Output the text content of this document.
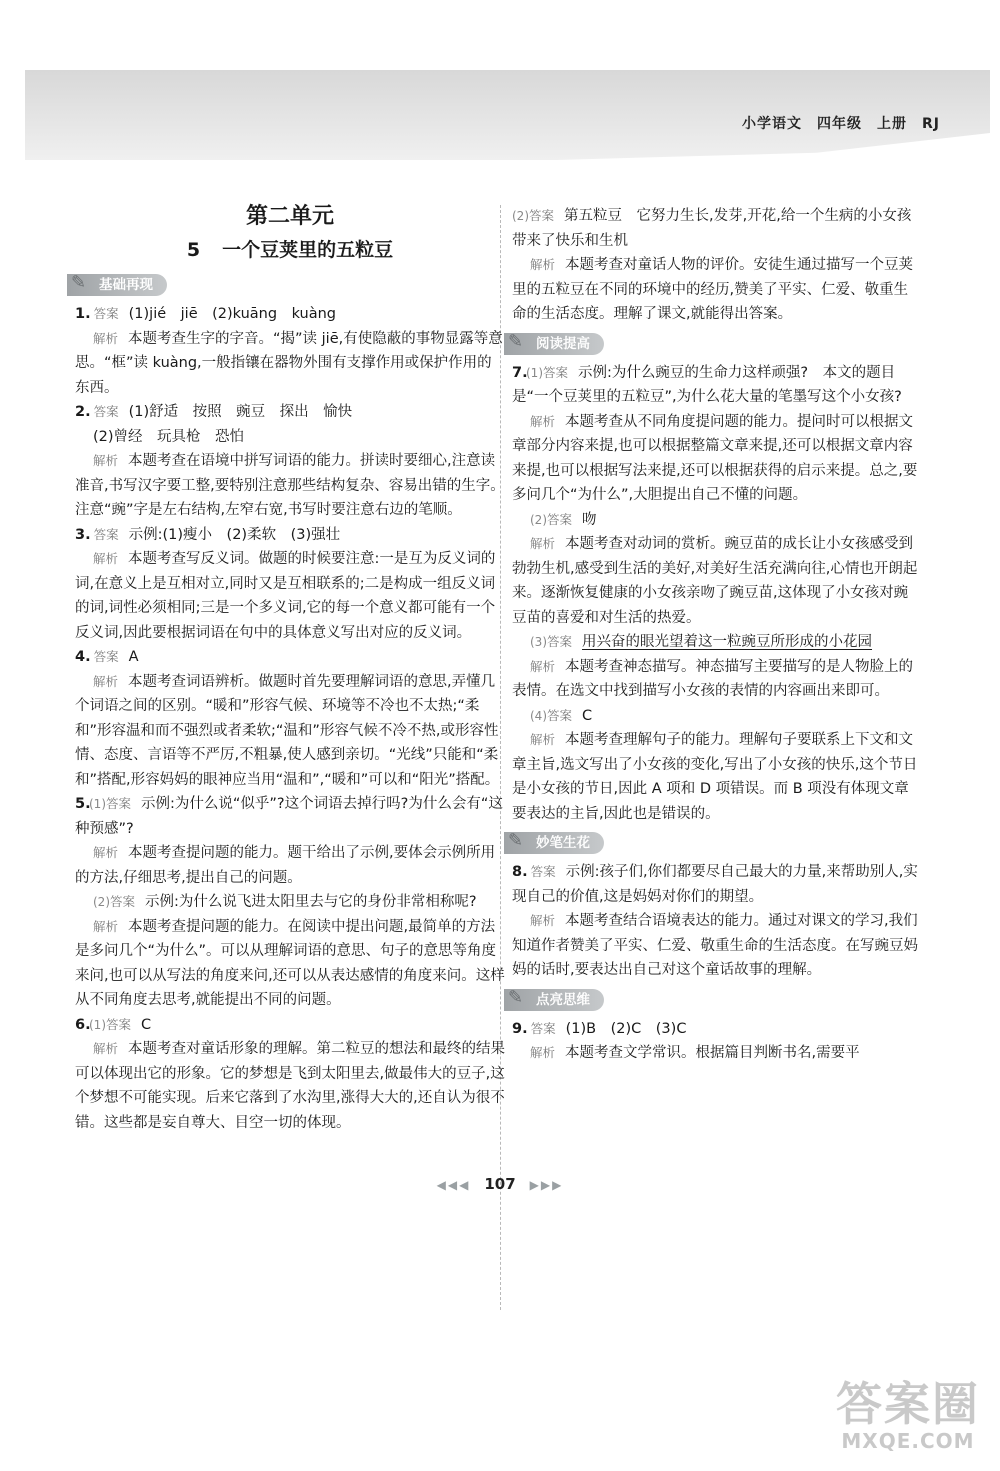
小学语文　四年级　上册　RJ

第二单元

5 一个豆荚里的五粒豆

✎ 基础再现

1. 答案 (1)jié　jiē　(2)kuāng　kuàng

解析 本题考查生字的字音。“揭”读 jiē,有使隐蔽的事物显露等意思。“框”读 kuàng,一般指镶在器物外围有支撑作用或保护作用的东西。

2. 答案 (1)舒适　按照　豌豆　探出　愉快

(2)曾经　玩具枪　恐怕

解析 本题考查在语境中拼写词语的能力。拼读时要细心,注意读准音,书写汉字要工整,要特别注意那些结构复杂、容易出错的生字。注意“豌”字是左右结构,左窄右宽,书写时要注意右边的笔顺。

3. 答案 示例:(1)瘦小　(2)柔软　(3)强壮

解析 本题考查写反义词。做题的时候要注意:一是互为反义词的词,在意义上是互相对立,同时又是互相联系的;二是构成一组反义词的词,词性必须相同;三是一个多义词,它的每一个意义都可能有一个反义词,因此要根据词语在句中的具体意义写出对应的反义词。

4. 答案 A

解析 本题考查词语辨析。做题时首先要理解词语的意思,弄懂几个词语之间的区别。“暖和”形容气候、环境等不冷也不太热;“柔和”形容温和而不强烈或者柔软;“温和”形容气候不冷不热,或形容性情、态度、言语等不严厉,不粗暴,使人感到亲切。“光线”只能和“柔和”搭配,形容妈妈的眼神应当用“温和”,“暖和”可以和“阳光”搭配。

5.(1)答案 示例:为什么说“似乎”?这个词语去掉行吗?为什么会有“这种预感”?

解析 本题考查提问题的能力。题干给出了示例,要体会示例所用的方法,仔细思考,提出自己的问题。

(2)答案 示例:为什么说飞进太阳里去与它的身份非常相称呢?

解析 本题考查提问题的能力。在阅读中提出问题,最简单的方法是多问几个“为什么”。可以从理解词语的意思、句子的意思等角度来问,也可以从写法的角度来问,还可以从表达感情的角度来问。这样从不同角度去思考,就能提出不同的问题。

6.(1)答案 C

解析 本题考查对童话形象的理解。第二粒豆的想法和最终的结果可以体现出它的形象。它的梦想是飞到太阳里去,做最伟大的豆子,这个梦想不可能实现。后来它落到了水沟里,涨得大大的,还自认为很不错。这些都是妄自尊大、目空一切的体现。

(2)答案 第五粒豆　它努力生长,发芽,开花,给一个生病的小女孩带来了快乐和生机

解析 本题考查对童话人物的评价。安徒生通过描写一个豆荚里的五粒豆在不同的环境中的经历,赞美了平实、仁爱、敬重生命的生活态度。理解了课文,就能得出答案。

✎ 阅读提高

7.(1)答案 示例:为什么豌豆的生命力这样顽强?　本文的题目是“一个豆荚里的五粒豆”,为什么花大量的笔墨写这个小女孩?

解析 本题考查从不同角度提问题的能力。提问时可以根据文章部分内容来提,也可以根据整篇文章来提,还可以根据文章内容来提,也可以根据写法来提,还可以根据获得的启示来提。总之,要多问几个“为什么”,大胆提出自己不懂的问题。

(2)答案 吻

解析 本题考查对动词的赏析。豌豆苗的成长让小女孩感受到勃勃生机,感受到生活的美好,对美好生活充满向往,心情也开朗起来。逐渐恢复健康的小女孩亲吻了豌豆苗,这体现了小女孩对豌豆苗的喜爱和对生活的热爱。

(3)答案 用兴奋的眼光望着这一粒豌豆所形成的小花园

解析 本题考查神态描写。神态描写主要描写的是人物脸上的表情。在选文中找到描写小女孩的表情的内容画出来即可。

(4)答案 C

解析 本题考查理解句子的能力。理解句子要联系上下文和文章主旨,选文写出了小女孩的变化,写出了小女孩的快乐,这个节日是小女孩的节日,因此 A 项和 D 项错误。而 B 项没有体现文章要表达的主旨,因此也是错误的。

✎ 妙笔生花

8. 答案 示例:孩子们,你们都要尽自己最大的力量,来帮助别人,实现自己的价值,这是妈妈对你们的期望。

解析 本题考查结合语境表达的能力。通过对课文的学习,我们知道作者赞美了平实、仁爱、敬重生命的生活态度。在写豌豆妈妈的话时,要表达出自己对这个童话故事的理解。

✎ 点亮思维

9. 答案 (1)B　(2)C　(3)C

解析 本题考查文学常识。根据篇目判断书名,需要平

◀◀◀ 107 ▶▶▶
答案圈
MXQE.COM
